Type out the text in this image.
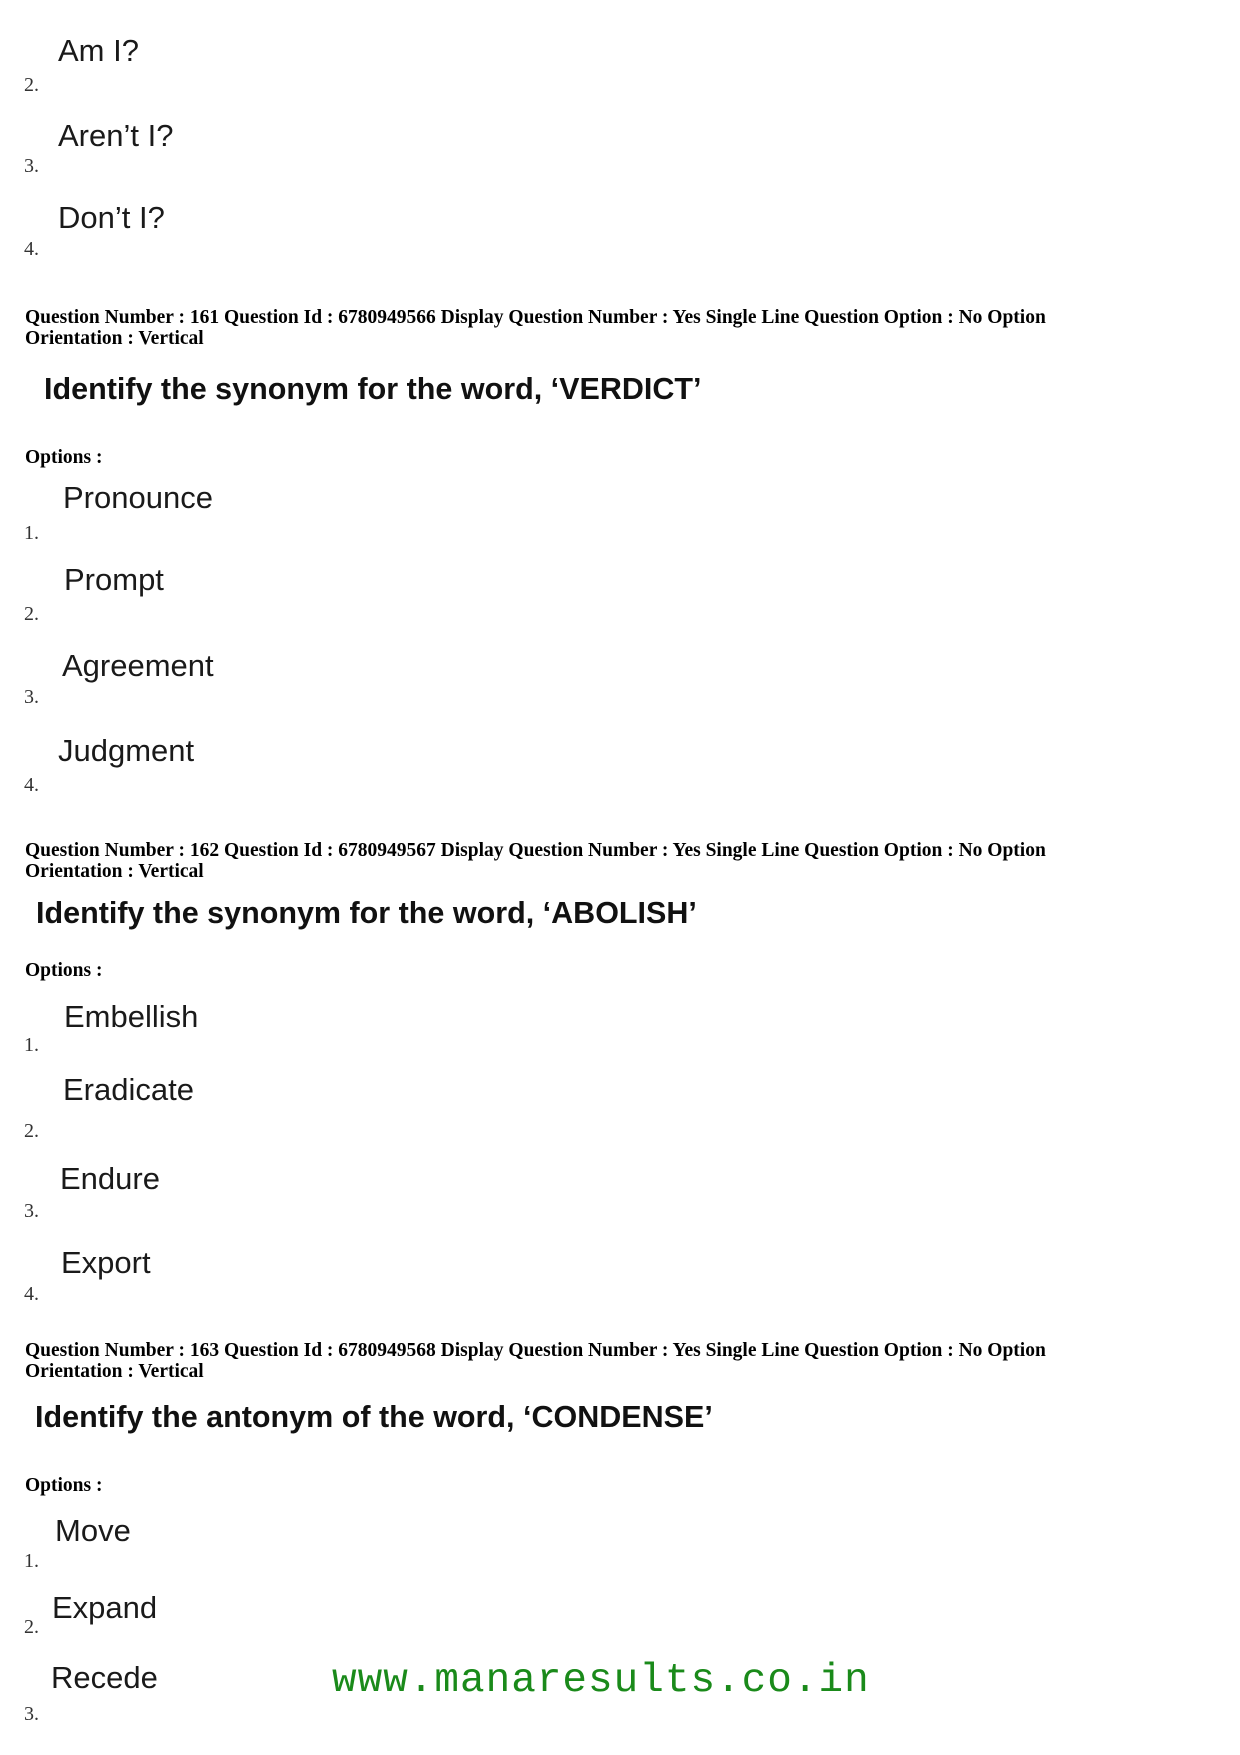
Am I?
2.
Aren’t I?
3.
Don’t I?
4.
Question Number : 161 Question Id : 6780949566 Display Question Number : Yes Single Line Question Option : No Option
Orientation : Vertical
Identify the synonym for the word, ‘VERDICT’
Options :
Pronounce
1.
Prompt
2.
Agreement
3.
Judgment
4.
Question Number : 162 Question Id : 6780949567 Display Question Number : Yes Single Line Question Option : No Option
Orientation : Vertical
Identify the synonym for the word, ‘ABOLISH’
Options :
Embellish
1.
Eradicate
2.
Endure
3.
Export
4.
Question Number : 163 Question Id : 6780949568 Display Question Number : Yes Single Line Question Option : No Option
Orientation : Vertical
Identify the antonym of the word, ‘CONDENSE’
Options :
Move
1.
Expand
2.
Recede
3.
www.manaresults.co.in
